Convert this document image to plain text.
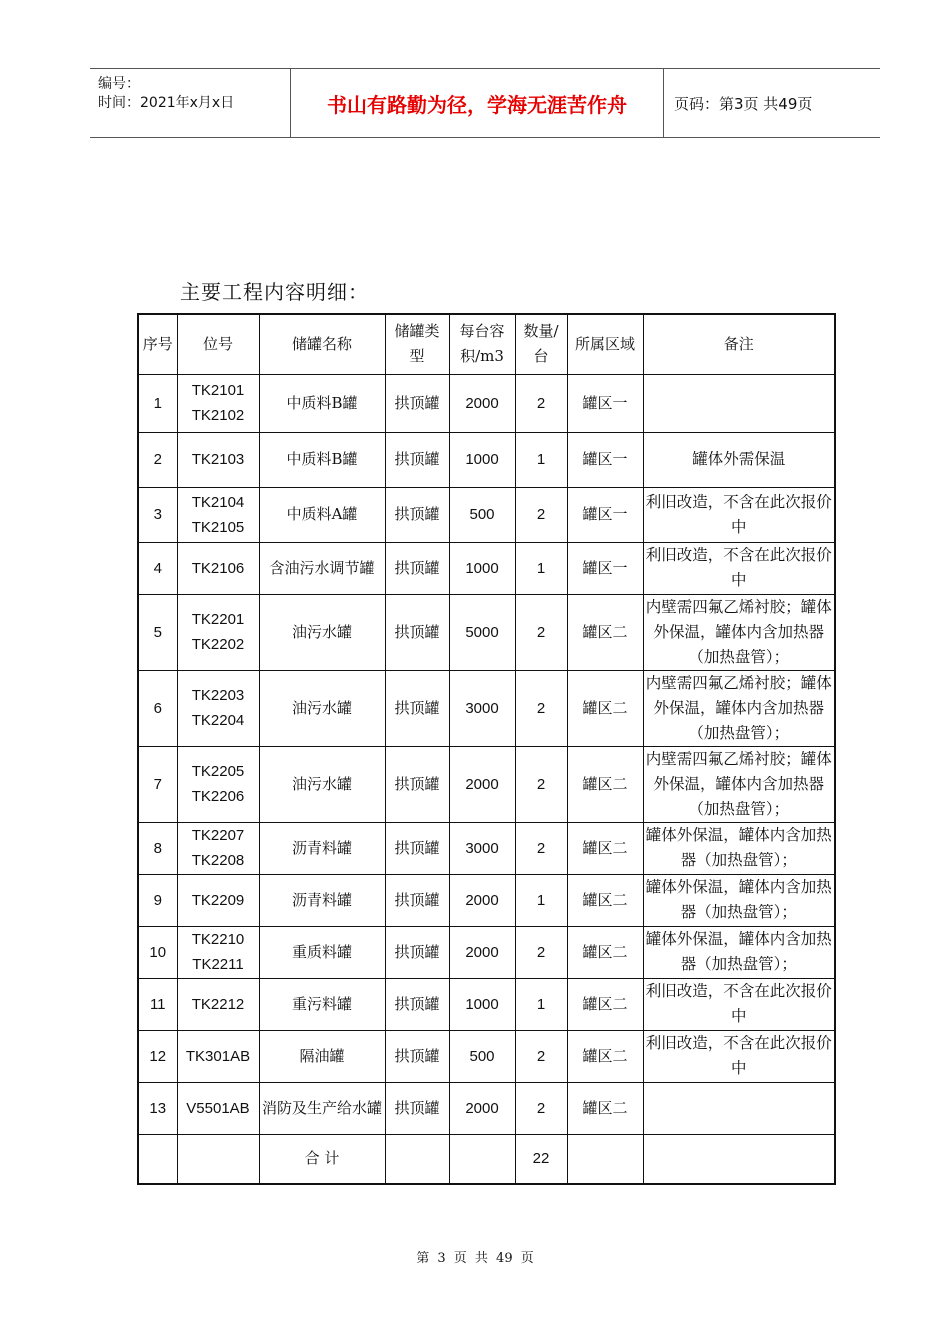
编号：
时间：2021年x月x日	书山有路勤为径，学海无涯苦作舟	页码：第3页 共49页
主要工程内容明细：
序号	位号	储罐名称	储罐类型	每台容积/m3	数量/台	所属区域	备注
1	TK2101 TK2102	中质料B罐	拱顶罐	2000	2	罐区一	
2	TK2103	中质料B罐	拱顶罐	1000	1	罐区一	罐体外需保温
3	TK2104 TK2105	中质料A罐	拱顶罐	500	2	罐区一	利旧改造，不含在此次报价中
4	TK2106	含油污水调节罐	拱顶罐	1000	1	罐区一	利旧改造，不含在此次报价中
5	TK2201 TK2202	油污水罐	拱顶罐	5000	2	罐区二	内壁需四氟乙烯衬胶；罐体外保温，罐体内含加热器（加热盘管）；
6	TK2203 TK2204	油污水罐	拱顶罐	3000	2	罐区二	内壁需四氟乙烯衬胶；罐体外保温，罐体内含加热器（加热盘管）；
7	TK2205 TK2206	油污水罐	拱顶罐	2000	2	罐区二	内壁需四氟乙烯衬胶；罐体外保温，罐体内含加热器（加热盘管）；
8	TK2207 TK2208	沥青料罐	拱顶罐	3000	2	罐区二	罐体外保温，罐体内含加热器（加热盘管）；
9	TK2209	沥青料罐	拱顶罐	2000	1	罐区二	罐体外保温，罐体内含加热器（加热盘管）；
10	TK2210 TK2211	重质料罐	拱顶罐	2000	2	罐区二	罐体外保温，罐体内含加热器（加热盘管）；
11	TK2212	重污料罐	拱顶罐	1000	1	罐区二	利旧改造，不含在此次报价中
12	TK301AB	隔油罐	拱顶罐	500	2	罐区二	利旧改造，不含在此次报价中
13	V5501AB	消防及生产给水罐	拱顶罐	2000	2	罐区二	
		合 计			22		
第 3 页 共 49 页
